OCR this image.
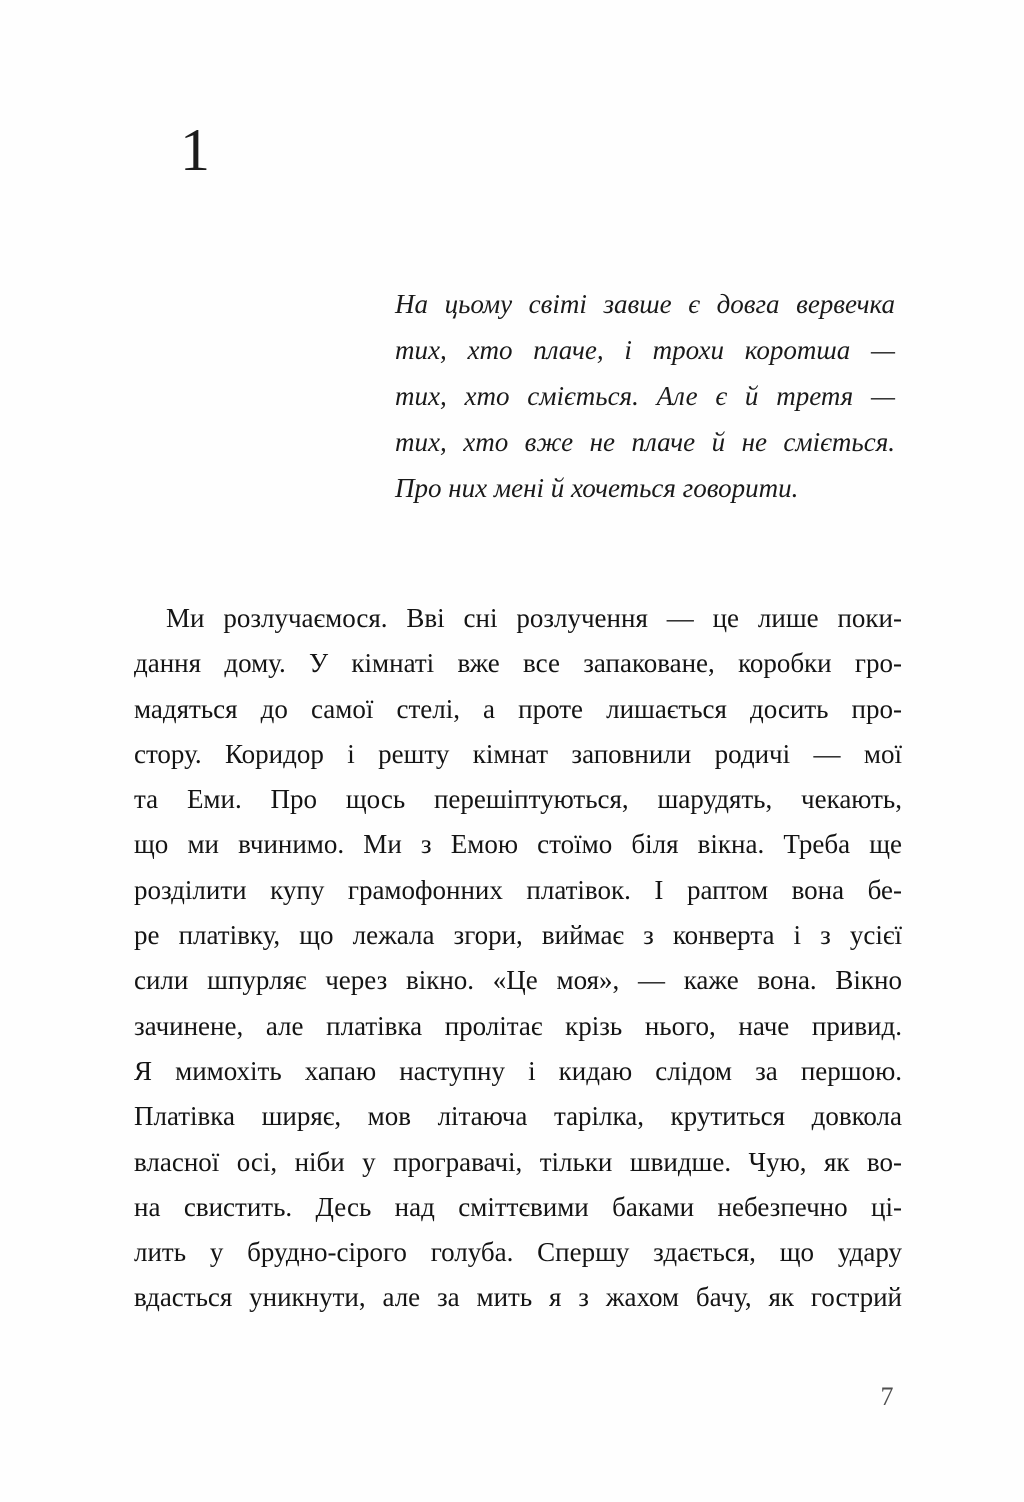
1
На цьому світі завше є довга вервечка
тих, хто плаче, і трохи коротша —
тих, хто сміється. Але є й третя —
тих, хто вже не плаче й не сміється.
Про них мені й хочеться говорити.
Ми розлучаємося. Вві сні розлучення — це лише поки-
дання дому. У кімнаті вже все запаковане, коробки гро-
мадяться до самої стелі, а проте лишається досить про-
стору. Коридор і решту кімнат заповнили родичі — мої
та Еми. Про щось перешіптуються, шарудять, чекають,
що ми вчинимо. Ми з Емою стоїмо біля вікна. Треба ще
розділити купу грамофонних платівок. І раптом вона бе-
ре платівку, що лежала згори, виймає з конверта і з усієї
сили шпурляє через вікно. «Це моя», — каже вона. Вікно
зачинене, але платівка пролітає крізь нього, наче привид.
Я мимохіть хапаю наступну і кидаю слідом за першою.
Платівка ширяє, мов літаюча тарілка, крутиться довкола
власної осі, ніби у програвачі, тільки швидше. Чую, як во-
на свистить. Десь над сміттєвими баками небезпечно ці-
лить у брудно-сірого голуба. Спершу здається, що удару
вдасться уникнути, але за мить я з жахом бачу, як гострий
7
